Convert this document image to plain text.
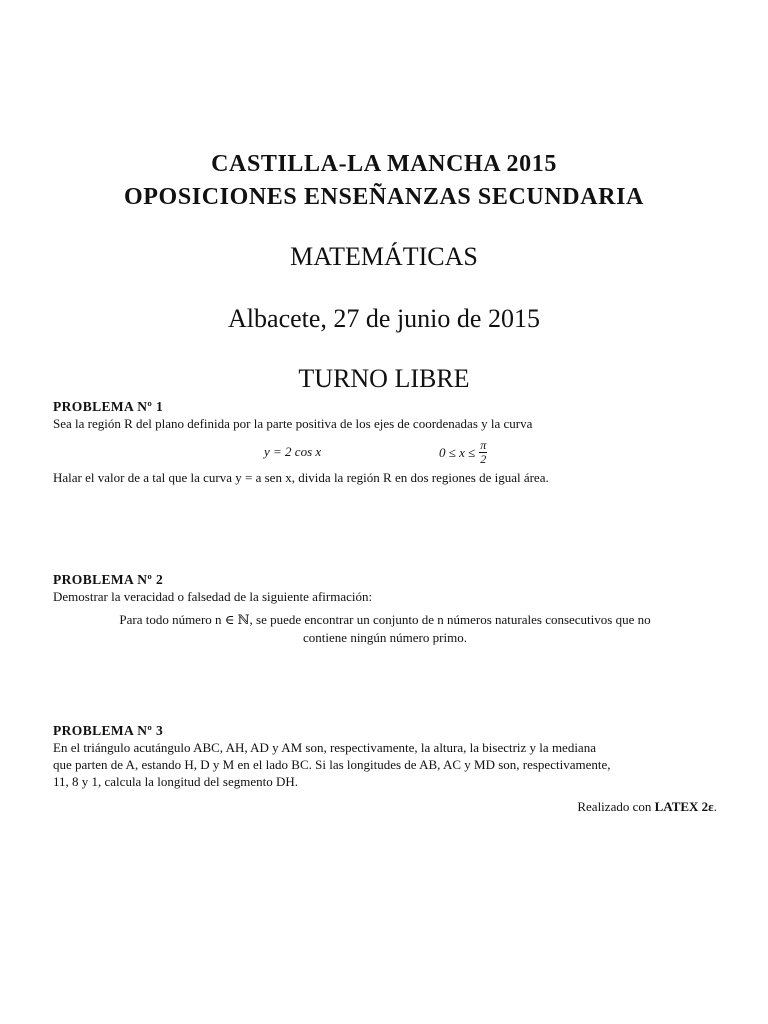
CASTILLA-LA MANCHA 2015
OPOSICIONES ENSEÑANZAS SECUNDARIA
MATEMÁTICAS
Albacete, 27 de junio de 2015
TURNO LIBRE
PROBLEMA Nº 1
Sea la región R del plano definida por la parte positiva de los ejes de coordenadas y la curva
y = 2 cos x	$0 \le x \le \frac{\pi}{2}$
Halar el valor de a tal que la curva y = a sen x, divida la región R en dos regiones de igual área.
PROBLEMA Nº 2
Demostrar la veracidad o falsedad de la siguiente afirmación:
Para todo número n ∈ ℕ, se puede encontrar un conjunto de n números naturales consecutivos que no
contiene ningún número primo.
PROBLEMA Nº 3
En el triángulo acutángulo ABC, AH, AD y AM son, respectivamente, la altura, la bisectriz y la mediana
que parten de A, estando H, D y M en el lado BC. Si las longitudes de AB, AC y MD son, respectivamente,
11, 8 y 1, calcula la longitud del segmento DH.
Realizado con LATEX 2ε.
